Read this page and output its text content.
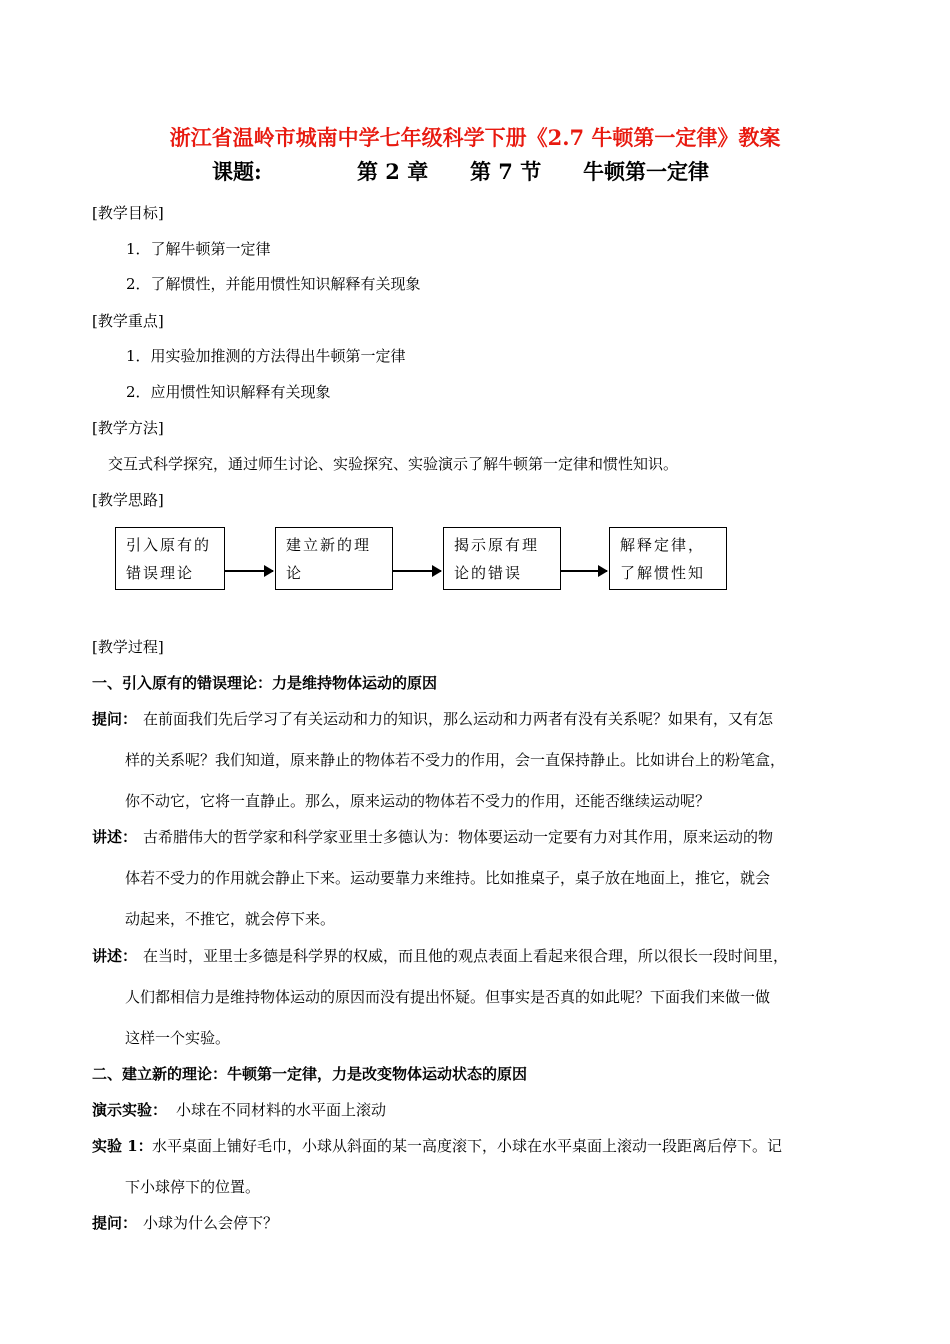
浙江省温岭市城南中学七年级科学下册《2.7 牛顿第一定律》教案
课题:	第 2 章 第 7 节 牛顿第一定律
[教学目标]
1．了解牛顿第一定律
2．了解惯性，并能用惯性知识解释有关现象
[教学重点]
1．用实验加推测的方法得出牛顿第一定律
2．应用惯性知识解释有关现象
[教学方法]
交互式科学探究，通过师生讨论、实验探究、实验演示了解牛顿第一定律和惯性知识。
[教学思路]
引入原有的错误理论
建立新的理论
揭示原有理论的错误
解释定律，了解惯性知
[教学过程]
一、引入原有的错误理论：力是维持物体运动的原因
提问： 在前面我们先后学习了有关运动和力的知识，那么运动和力两者有没有关系呢？如果有，又有怎
样的关系呢？我们知道，原来静止的物体若不受力的作用，会一直保持静止。比如讲台上的粉笔盒，
你不动它，它将一直静止。那么，原来运动的物体若不受力的作用，还能否继续运动呢？
讲述： 古希腊伟大的哲学家和科学家亚里士多德认为：物体要运动一定要有力对其作用，原来运动的物
体若不受力的作用就会静止下来。运动要靠力来维持。比如推桌子，桌子放在地面上，推它，就会
动起来，不推它，就会停下来。
讲述： 在当时，亚里士多德是科学界的权威，而且他的观点表面上看起来很合理，所以很长一段时间里，
人们都相信力是维持物体运动的原因而没有提出怀疑。但事实是否真的如此呢？下面我们来做一做
这样一个实验。
二、建立新的理论：牛顿第一定律，力是改变物体运动状态的原因
演示实验： 小球在不同材料的水平面上滚动
实验 1： 水平桌面上铺好毛巾，小球从斜面的某一高度滚下，小球在水平桌面上滚动一段距离后停下。记
下小球停下的位置。
提问： 小球为什么会停下？
